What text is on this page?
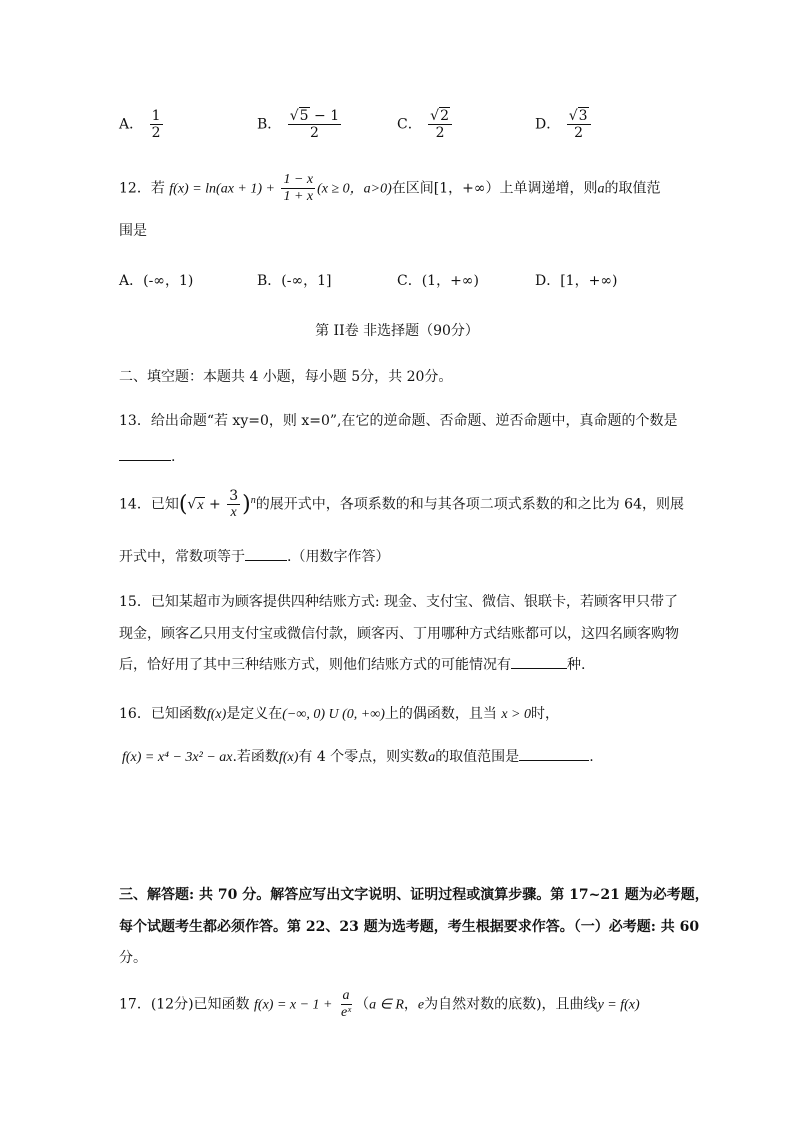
A． $\frac{1}{2}$	B． $\frac{√5 - 1}{2}$	C． $\frac{√2}{2}$	D． $\frac{√3}{2}$
12．若 $f(x) = \ln(ax + 1) + \frac{1 - x}{1 + x} (x \ge 0$，a>0)在区间[1，+∞）上单调递增，则a的取值范
围是
A．(-∞，1)	B．(-∞，1]	C．(1，+∞)	D．[1，+∞)
第 II卷 非选择题（90分）
二、填空题：本题共 4 小题，每小题 5分，共 20分。
13．给出命题“若 xy=0，则 x=0”,在它的逆命题、否命题、逆否命题中，真命题的个数是
.
14．已知$(√x + \frac{3}{x} )^n$的展开式中，各项系数的和与其各项二项式系数的和之比为 64，则展
开式中，常数项等于	.（用数字作答）
15．已知某超市为顾客提供四种结账方式: 现金、支付宝、微信、银联卡，若顾客甲只带了
现金，顾客乙只用支付宝或微信付款，顾客丙、丁用哪种方式结账都可以，这四名顾客购物
后，恰好用了其中三种结账方式，则他们结账方式的可能情况有	种.
16．已知函数f(x)是定义在(−∞, 0) U (0, +∞)上的偶函数，且当 x > 0时，
f(x) = x⁴ − 3x² − ax.若函数f(x)有 4 个零点，则实数a的取值范围是	.
三、解答题: 共 70 分。解答应写出文字说明、证明过程或演算步骤。第 17~21 题为必考题，
每个试题考生都必须作答。第 22、23 题为选考题，考生根据要求作答。（一）必考题: 共 60
分。
17．(12分)已知函数 $f(x) = x - 1 + \frac{a}{\text{eˣ}} (a$ ∈ R，e为自然对数的底数)，且曲线y = f(x)
